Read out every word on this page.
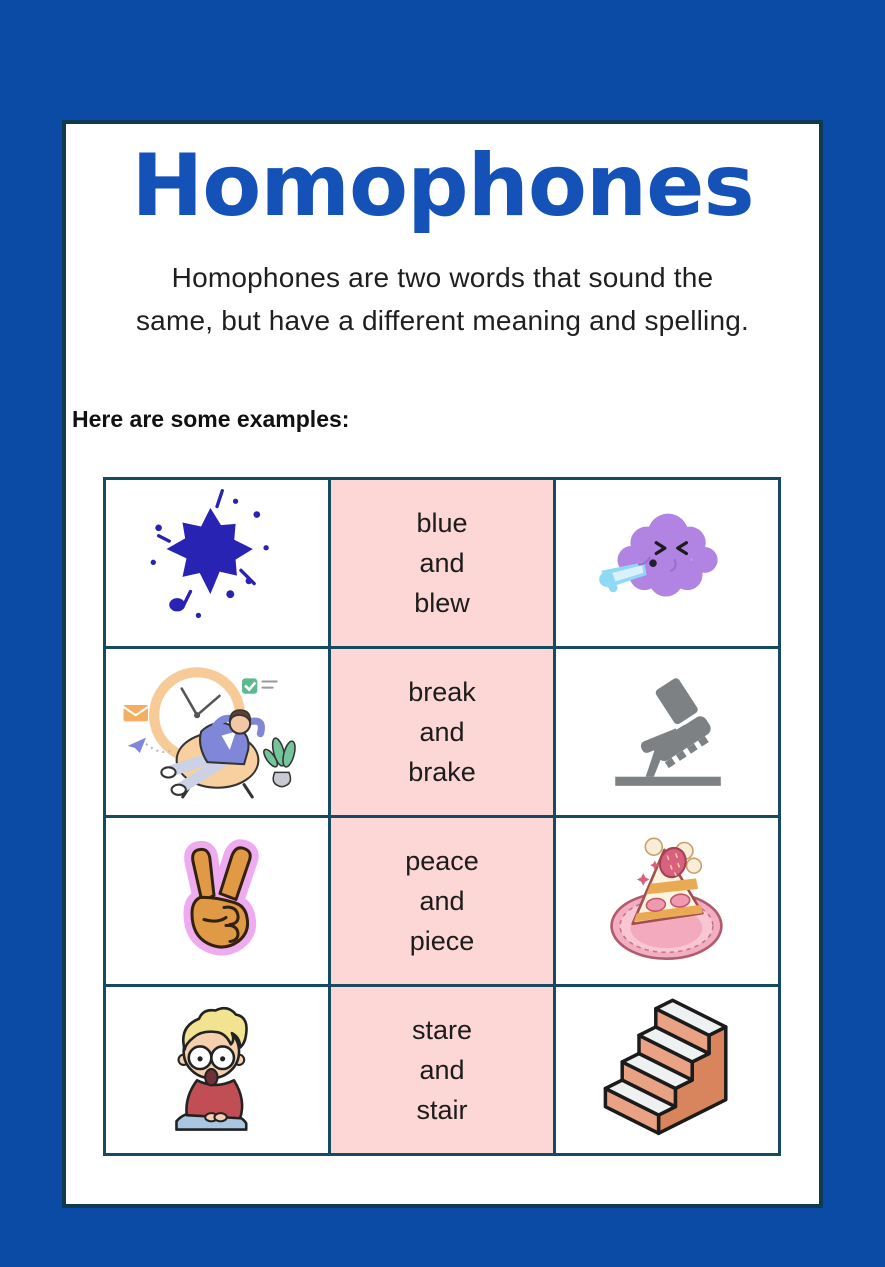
Homophones

Homophones are two words that sound the
same, but have a different meaning and spelling.

Here are some examples:

blue
and
blew

break
and
brake

peace
and
piece

stare
and
stair
